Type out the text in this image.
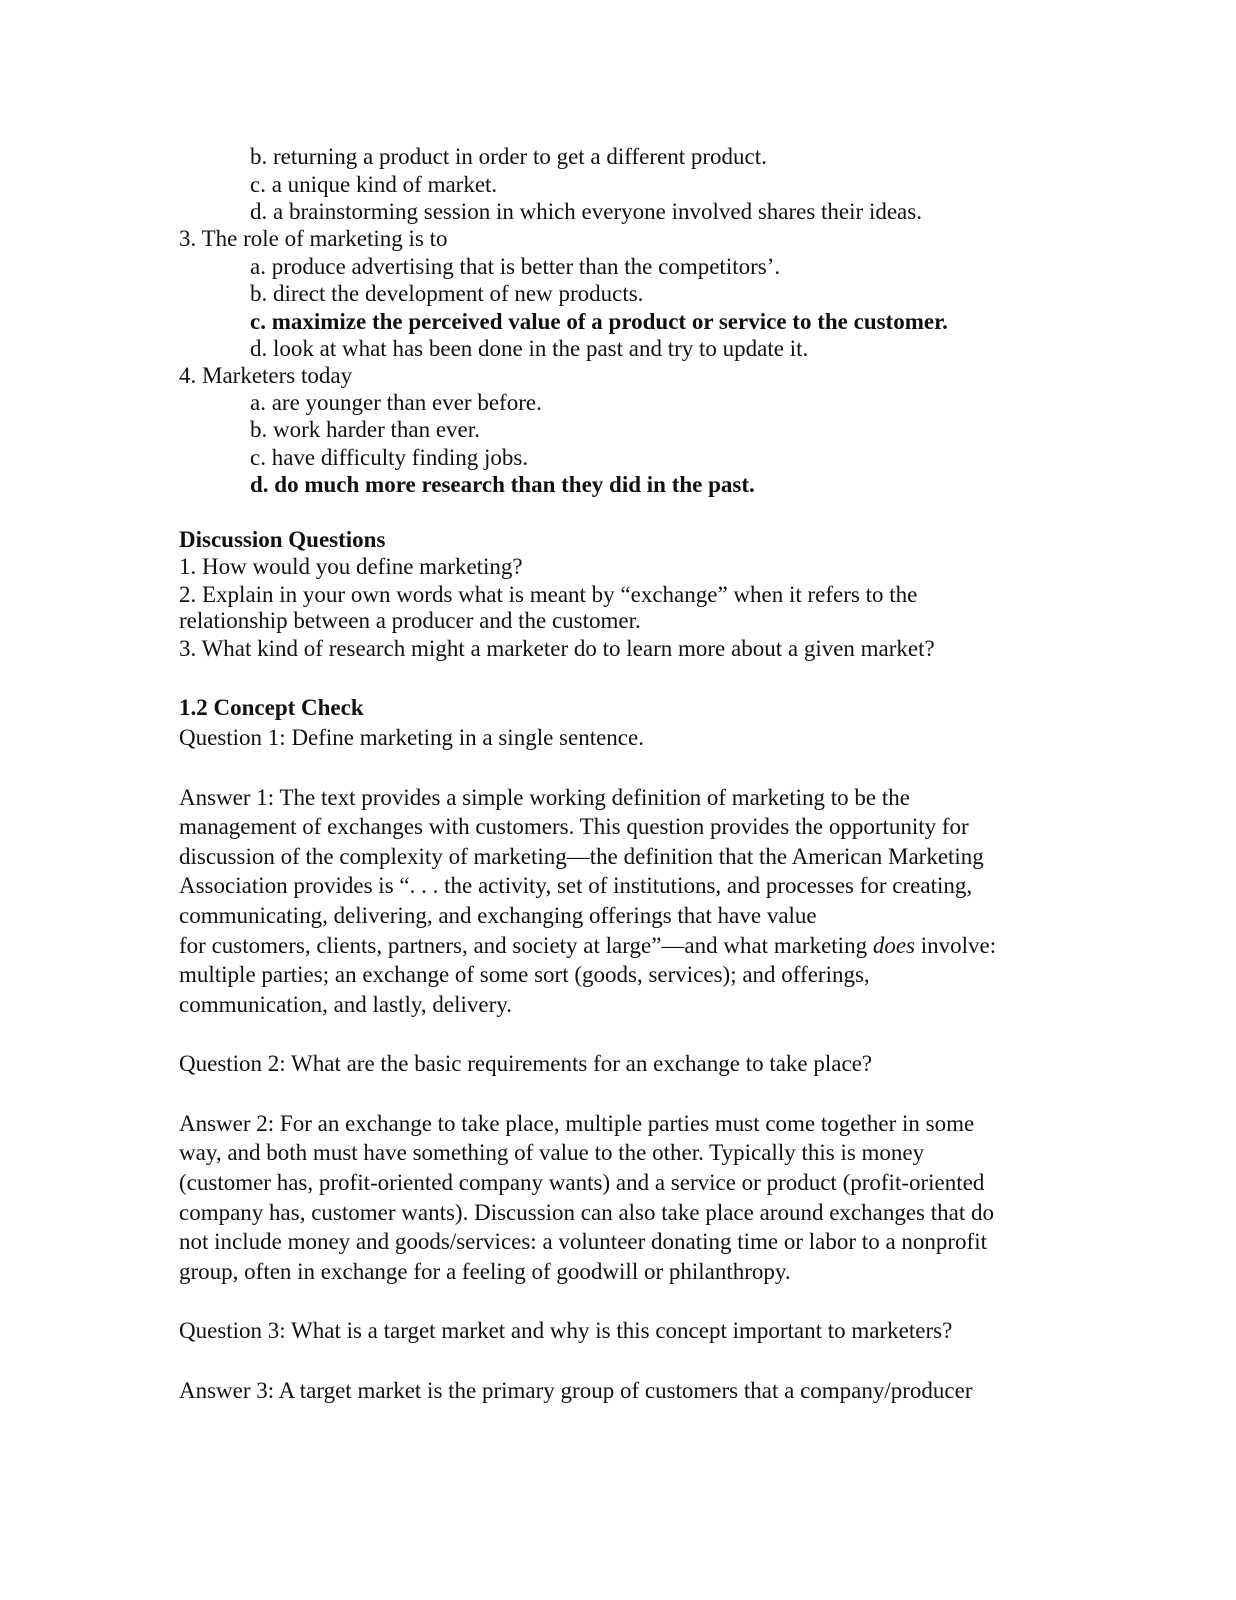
b. returning a product in order to get a different product.
c. a unique kind of market.
d. a brainstorming session in which everyone involved shares their ideas.
3. The role of marketing is to
a. produce advertising that is better than the competitors’.
b. direct the development of new products.
c. maximize the perceived value of a product or service to the customer.
d. look at what has been done in the past and try to update it.
4. Marketers today
a. are younger than ever before.
b. work harder than ever.
c. have difficulty finding jobs.
d. do much more research than they did in the past.
Discussion Questions
1. How would you define marketing?
2. Explain in your own words what is meant by “exchange” when it refers to the
relationship between a producer and the customer.
3. What kind of research might a marketer do to learn more about a given market?
1.2 Concept Check
Question 1: Define marketing in a single sentence.
Answer 1: The text provides a simple working definition of marketing to be the
management of exchanges with customers. This question provides the opportunity for
discussion of the complexity of marketing—the definition that the American Marketing
Association provides is “. . . the activity, set of institutions, and processes for creating,
communicating, delivering, and exchanging offerings that have value
for customers, clients, partners, and society at large”—and what marketing does involve:
multiple parties; an exchange of some sort (goods, services); and offerings,
communication, and lastly, delivery.
Question 2: What are the basic requirements for an exchange to take place?
Answer 2: For an exchange to take place, multiple parties must come together in some
way, and both must have something of value to the other. Typically this is money
(customer has, profit-oriented company wants) and a service or product (profit-oriented
company has, customer wants). Discussion can also take place around exchanges that do
not include money and goods/services: a volunteer donating time or labor to a nonprofit
group, often in exchange for a feeling of goodwill or philanthropy.
Question 3: What is a target market and why is this concept important to marketers?
Answer 3: A target market is the primary group of customers that a company/producer
